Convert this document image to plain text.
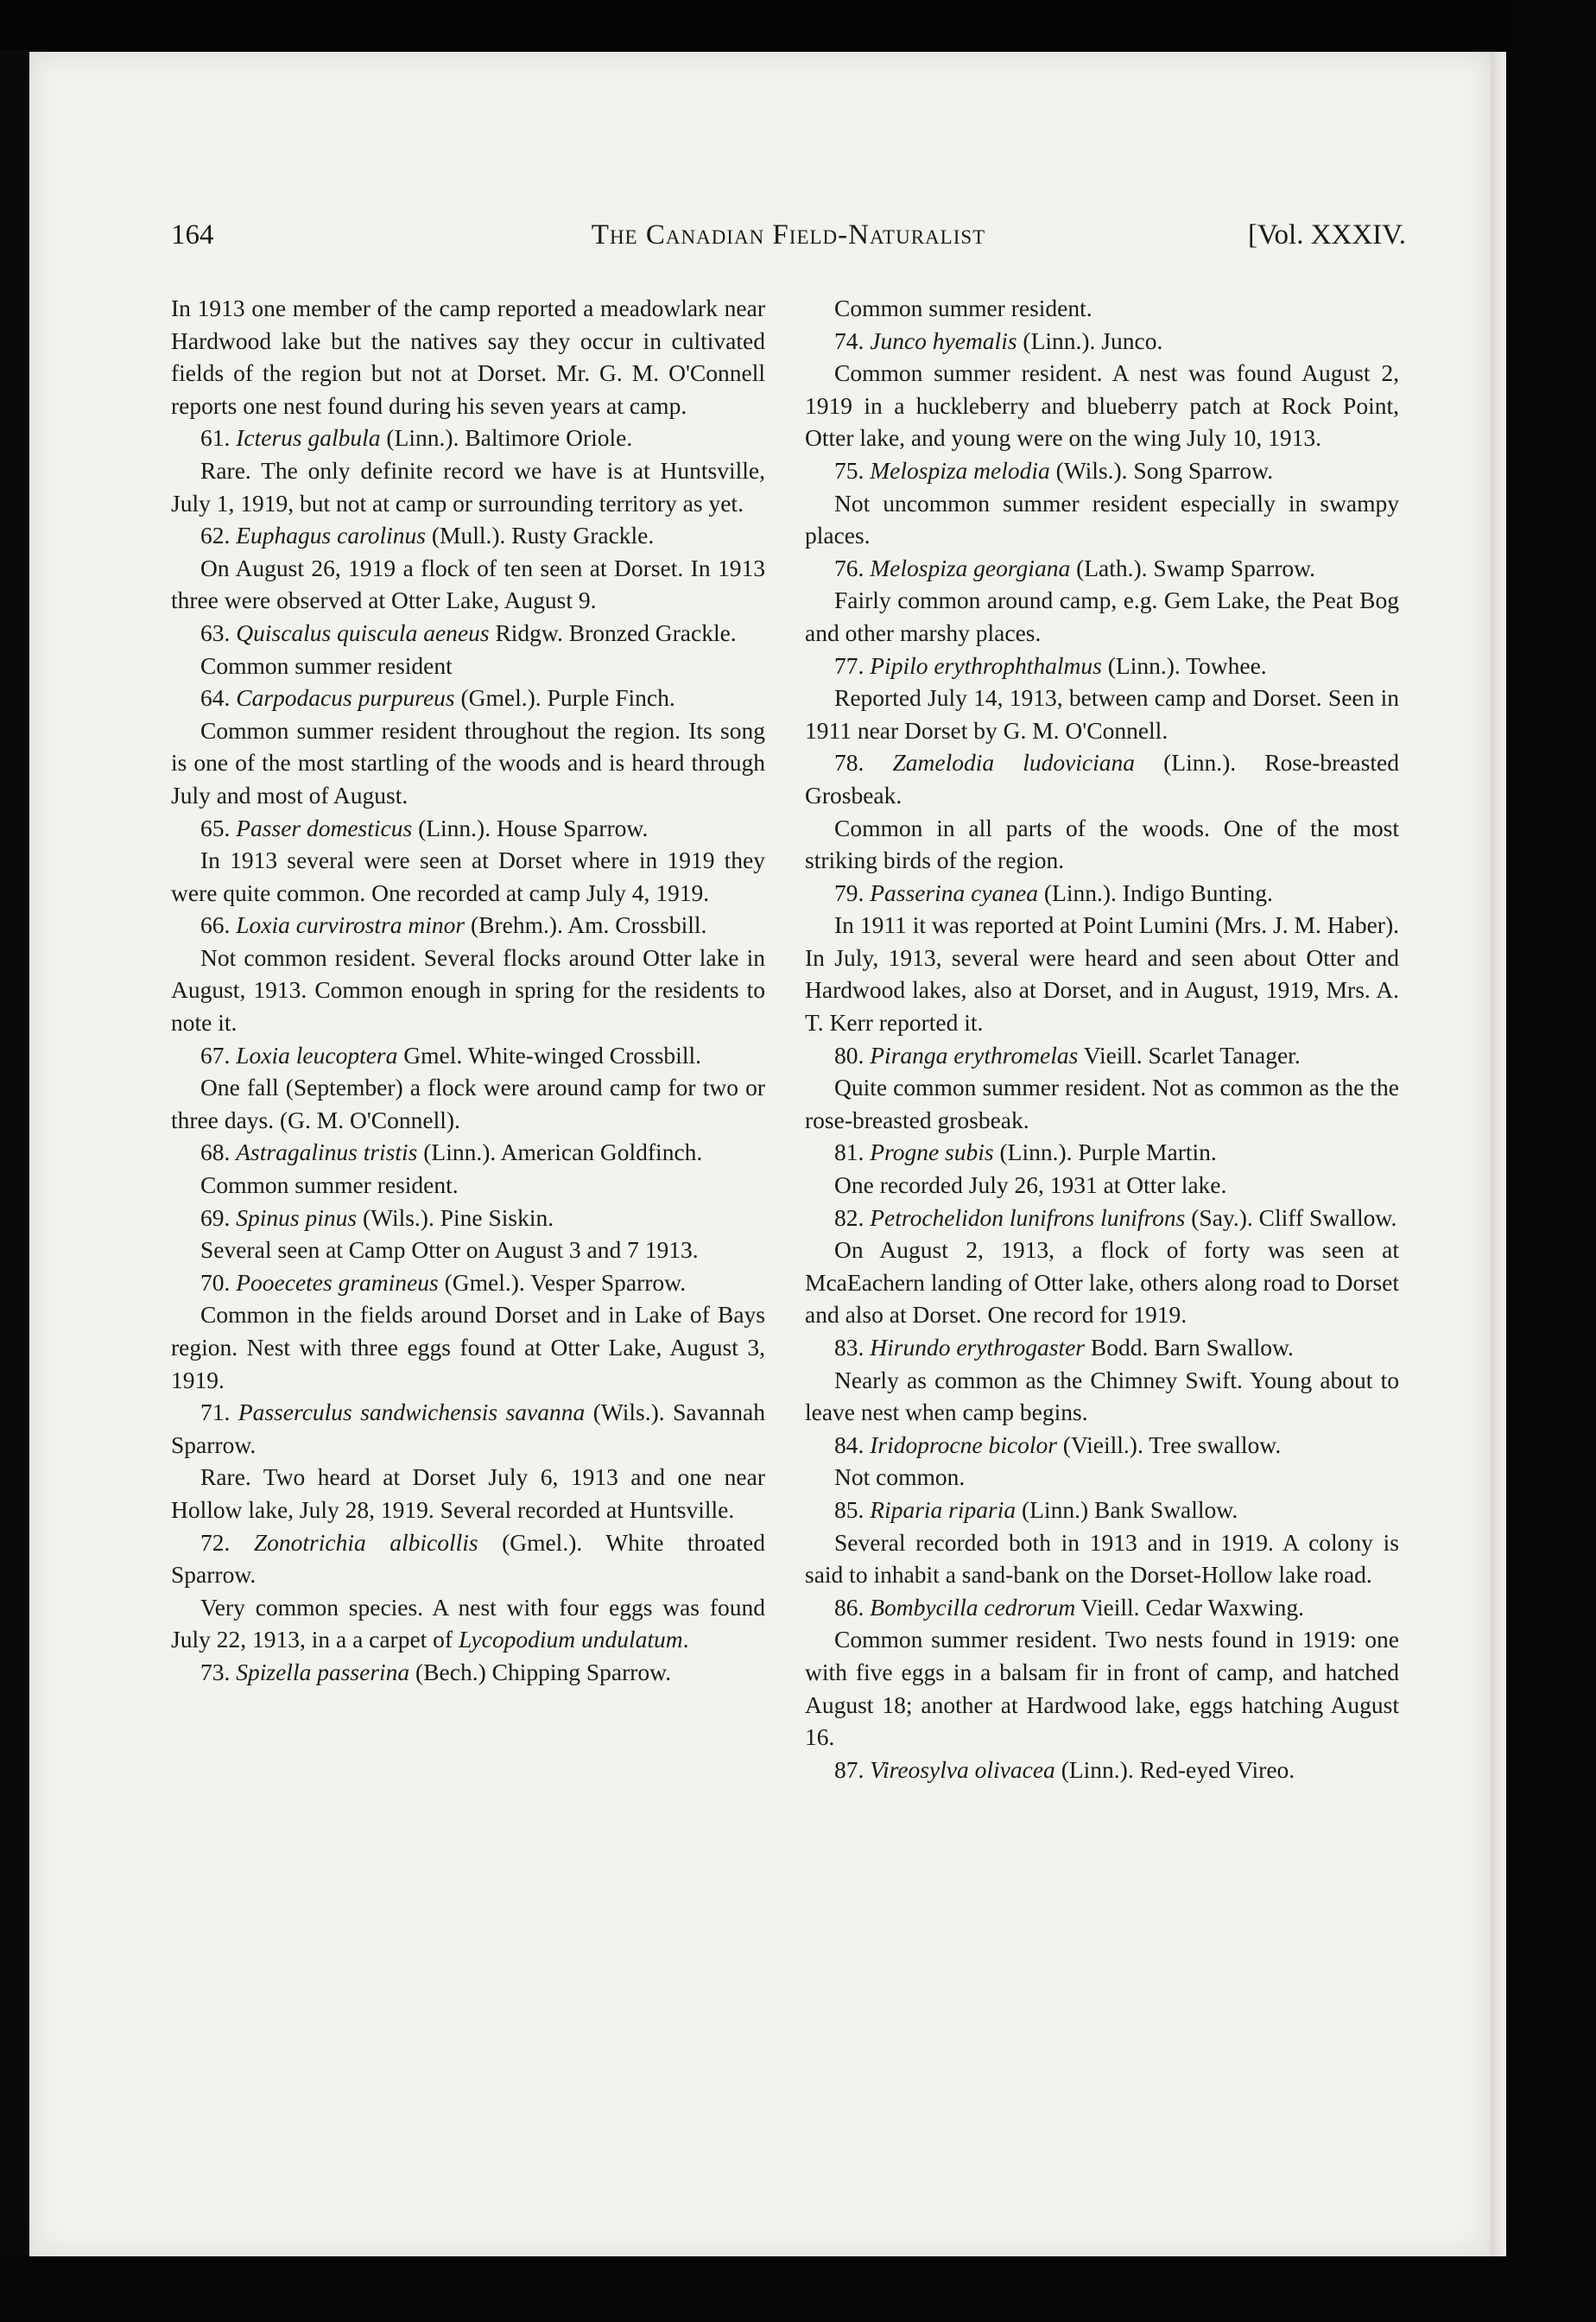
164	The Canadian Field-Naturalist	[Vol. XXXIV.

In 1913 one member of the camp reported a meadowlark near Hardwood lake but the natives say they occur in cultivated fields of the region but not at Dorset. Mr. G. M. O'Connell reports one nest found during his seven years at camp.

61. Icterus galbula (Linn.). Baltimore Oriole.

Rare. The only definite record we have is at Huntsville, July 1, 1919, but not at camp or surrounding territory as yet.

62. Euphagus carolinus (Mull.). Rusty Grackle.

On August 26, 1919 a flock of ten seen at Dorset. In 1913 three were observed at Otter Lake, August 9.

63. Quiscalus quiscula aeneus Ridgw. Bronzed Grackle.

Common summer resident

64. Carpodacus purpureus (Gmel.). Purple Finch.

Common summer resident throughout the region. Its song is one of the most startling of the woods and is heard through July and most of August.

65. Passer domesticus (Linn.). House Sparrow.

In 1913 several were seen at Dorset where in 1919 they were quite common. One recorded at camp July 4, 1919.

66. Loxia curvirostra minor (Brehm.). Am. Crossbill.

Not common resident. Several flocks around Otter lake in August, 1913. Common enough in spring for the residents to note it.

67. Loxia leucoptera Gmel. White-winged Crossbill.

One fall (September) a flock were around camp for two or three days. (G. M. O'Connell).

68. Astragalinus tristis (Linn.). American Goldfinch.

Common summer resident.

69. Spinus pinus (Wils.). Pine Siskin.

Several seen at Camp Otter on August 3 and 7 1913.

70. Pooecetes gramineus (Gmel.). Vesper Sparrow.

Common in the fields around Dorset and in Lake of Bays region. Nest with three eggs found at Otter Lake, August 3, 1919.

71. Passerculus sandwichensis savanna (Wils.). Savannah Sparrow.

Rare. Two heard at Dorset July 6, 1913 and one near Hollow lake, July 28, 1919. Several recorded at Huntsville.

72. Zonotrichia albicollis (Gmel.). White throated Sparrow.

Very common species. A nest with four eggs was found July 22, 1913, in a a carpet of Lycopodium undulatum.

73. Spizella passerina (Bech.) Chipping Sparrow.

Common summer resident.

74. Junco hyemalis (Linn.). Junco.

Common summer resident. A nest was found August 2, 1919 in a huckleberry and blueberry patch at Rock Point, Otter lake, and young were on the wing July 10, 1913.

75. Melospiza melodia (Wils.). Song Sparrow.

Not uncommon summer resident especially in swampy places.

76. Melospiza georgiana (Lath.). Swamp Sparrow.

Fairly common around camp, e.g. Gem Lake, the Peat Bog and other marshy places.

77. Pipilo erythrophthalmus (Linn.). Towhee.

Reported July 14, 1913, between camp and Dorset. Seen in 1911 near Dorset by G. M. O'Connell.

78. Zamelodia ludoviciana (Linn.). Rose-breasted Grosbeak.

Common in all parts of the woods. One of the most striking birds of the region.

79. Passerina cyanea (Linn.). Indigo Bunting.

In 1911 it was reported at Point Lumini (Mrs. J. M. Haber). In July, 1913, several were heard and seen about Otter and Hardwood lakes, also at Dorset, and in August, 1919, Mrs. A. T. Kerr reported it.

80. Piranga erythromelas Vieill. Scarlet Tanager.

Quite common summer resident. Not as common as the the rose-breasted grosbeak.

81. Progne subis (Linn.). Purple Martin.

One recorded July 26, 1931 at Otter lake.

82. Petrochelidon lunifrons lunifrons (Say.). Cliff Swallow.

On August 2, 1913, a flock of forty was seen at McaEachern landing of Otter lake, others along road to Dorset and also at Dorset. One record for 1919.

83. Hirundo erythrogaster Bodd. Barn Swallow.

Nearly as common as the Chimney Swift. Young about to leave nest when camp begins.

84. Iridoprocne bicolor (Vieill.). Tree swallow.

Not common.

85. Riparia riparia (Linn.) Bank Swallow.

Several recorded both in 1913 and in 1919. A colony is said to inhabit a sand-bank on the Dorset-Hollow lake road.

86. Bombycilla cedrorum Vieill. Cedar Waxwing.

Common summer resident. Two nests found in 1919: one with five eggs in a balsam fir in front of camp, and hatched August 18; another at Hardwood lake, eggs hatching August 16.

87. Vireosylva olivacea (Linn.). Red-eyed Vireo.
